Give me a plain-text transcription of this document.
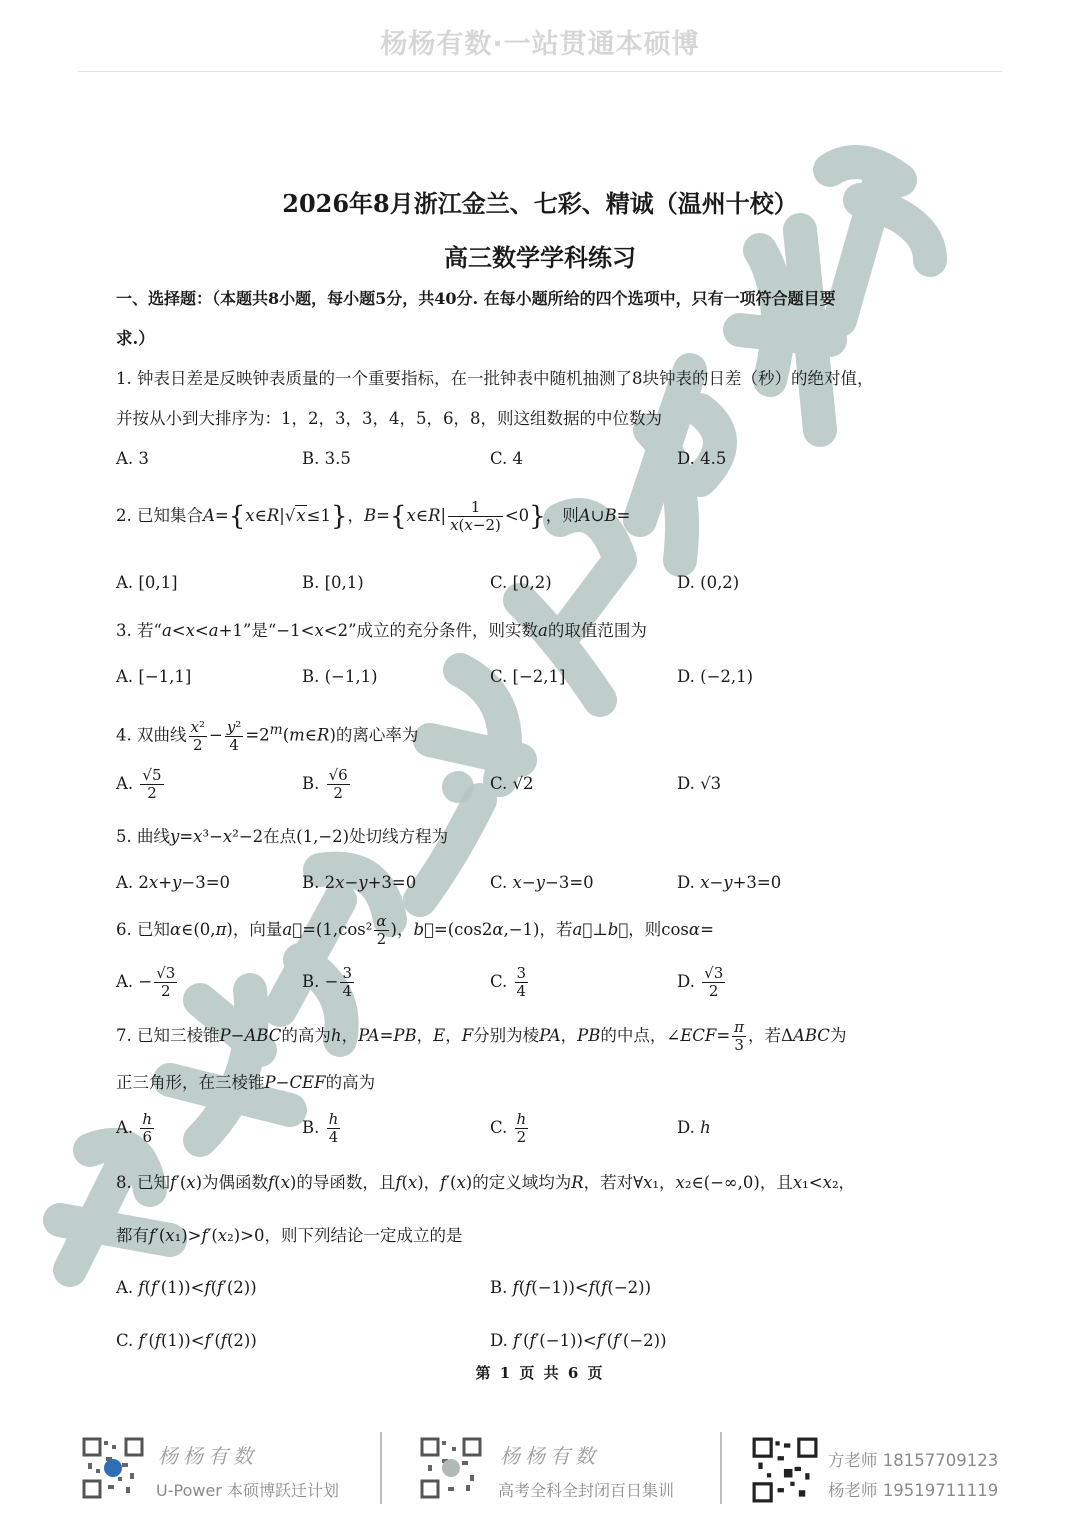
杨杨有数·数学集训营
杨杨有数·一站贯通本硕博
2026年8月浙江金兰、七彩、精诚（温州十校）
高三数学学科练习
一、选择题：（本题共8小题，每小题5分，共40分. 在每小题所给的四个选项中，只有一项符合题目要
求.）
1. 钟表日差是反映钟表质量的一个重要指标，在一批钟表中随机抽测了8块钟表的日差（秒）的绝对值，
并按从小到大排序为：1，2，3，3，4，5，6，8，则这组数据的中位数为
A. 3	B. 3.5	C. 4	D. 4.5
2. 已知集合A={x∈R|√x≤1}，B={x∈R| $\frac{1}{x(x-2)} <0$}，则A∪B=
A. [0,1]	B. [0,1)	C. [0,2)	D. (0,2)
3. 若“a<x<a+1”是“−1<x<2”成立的充分条件，则实数a的取值范围为
A. [−1,1]	B. (−1,1)	C. [−2,1]	D. (−2,1)
4. 双曲线 $\frac{\text{x²}}{2} - \frac{\text{y²}}{4}$ $=2^m(m\in R)$的离心率为
A. $\frac{√5}{2}$	B. $\frac{√6}{2}$	C. √2	D. √3
5. 曲线y=x³−x²−2在点(1,−2)处切线方程为
A. 2x+y−3=0	B. 2x−y+3=0	C. x−y−3=0	D. x−y+3=0
6. 已知α∈(0,π)，向量a⃗=(1,cos² $\frac{\alpha}{2}$ )，b⃗=(cos2α,−1)，若a⃗⊥b⃗，则cosα=
A. − $\frac{√3}{2}$	B. − $\frac{3}{4}$	C. $\frac{3}{4}$	D. $\frac{√3}{2}$
7. 已知三棱锥P−ABC的高为h，PA=PB，E，F分别为棱PA，PB的中点，∠ECF= $\frac{\pi}{3}$ ，若ΔABC为
正三角形，在三棱锥P−CEF的高为
A. $\frac{h}{6}$	B. $\frac{h}{4}$	C. $\frac{h}{2}$	D. h
8. 已知f′(x)为偶函数f(x)的导函数，且f(x)，f′(x)的定义域均为R，若对∀x₁，x₂∈(−∞,0)，且x₁<x₂，
都有f′(x₁)>f′(x₂)>0，则下列结论一定成立的是
A. f(f′(1))<f(f′(2))	B. f(f(−1))<f(f(−2))
C. f′(f(1))<f′(f(2))	D. f′(f′(−1))<f′(f′(−2))
第 1 页 共 6 页
杨杨有数
U-Power 本硕博跃迁计划
杨杨有数
高考全科全封闭百日集训
方老师 18157709123
杨老师 19519711119
